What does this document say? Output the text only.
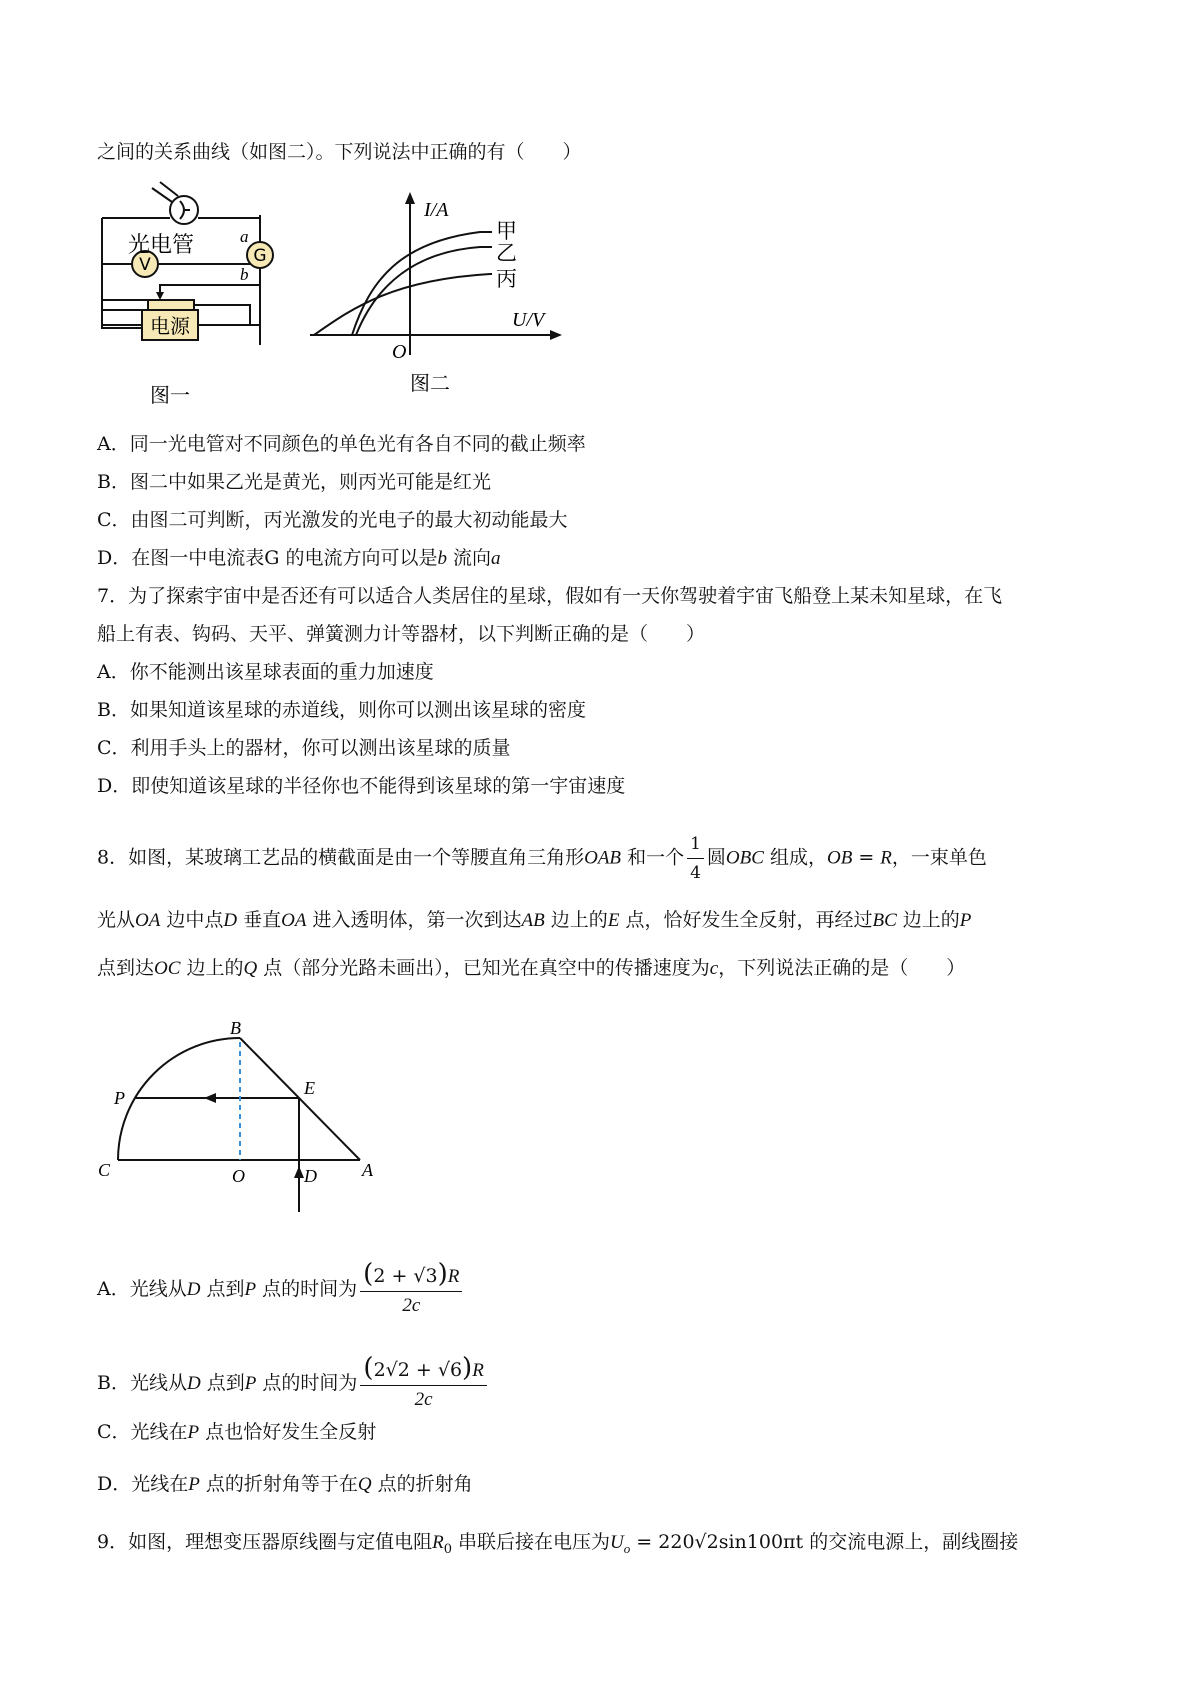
之间的关系曲线（如图二）。下列说法中正确的有（　　）
G
V
电源
光电管	a
b
图一
I/A
U/V
O
甲
乙
丙
图二
A．同一光电管对不同颜色的单色光有各自不同的截止频率
B．图二中如果乙光是黄光，则丙光可能是红光
C．由图二可判断，丙光激发的光电子的最大初动能最大
D．在图一中电流表G 的电流方向可以是b 流向a
7．为了探索宇宙中是否还有可以适合人类居住的星球，假如有一天你驾驶着宇宙飞船登上某未知星球，在飞
船上有表、钩码、天平、弹簧测力计等器材，以下判断正确的是（　　）
A．你不能测出该星球表面的重力加速度
B．如果知道该星球的赤道线，则你可以测出该星球的密度
C．利用手头上的器材，你可以测出该星球的质量
D．即使知道该星球的半径你也不能得到该星球的第一宇宙速度
8．如图，某玻璃工艺品的横截面是由一个等腰直角三角形OAB 和一个 $\frac{1}{4}$ 圆OBC 组成，OB = R，一束单色
光从OA 边中点D 垂直OA 进入透明体，第一次到达AB 边上的E 点，恰好发生全反射，再经过BC 边上的P
点到达OC 边上的Q 点（部分光路未画出），已知光在真空中的传播速度为c，下列说法正确的是（　　）
B
E
P
C	O	D	A
A．光线从D 点到P 点的时间为 $\frac{(2 + √3)R}{2c}$
B．光线从D 点到P 点的时间为 $\frac{(2√2 + √6)R}{2c}$
C．光线在P 点也恰好发生全反射
D．光线在P 点的折射角等于在Q 点的折射角
9．如图，理想变压器原线圈与定值电阻$R_0$ 串联后接在电压为$U_o = 220√2\sin 100\pi t$ 的交流电源上，副线圈接
